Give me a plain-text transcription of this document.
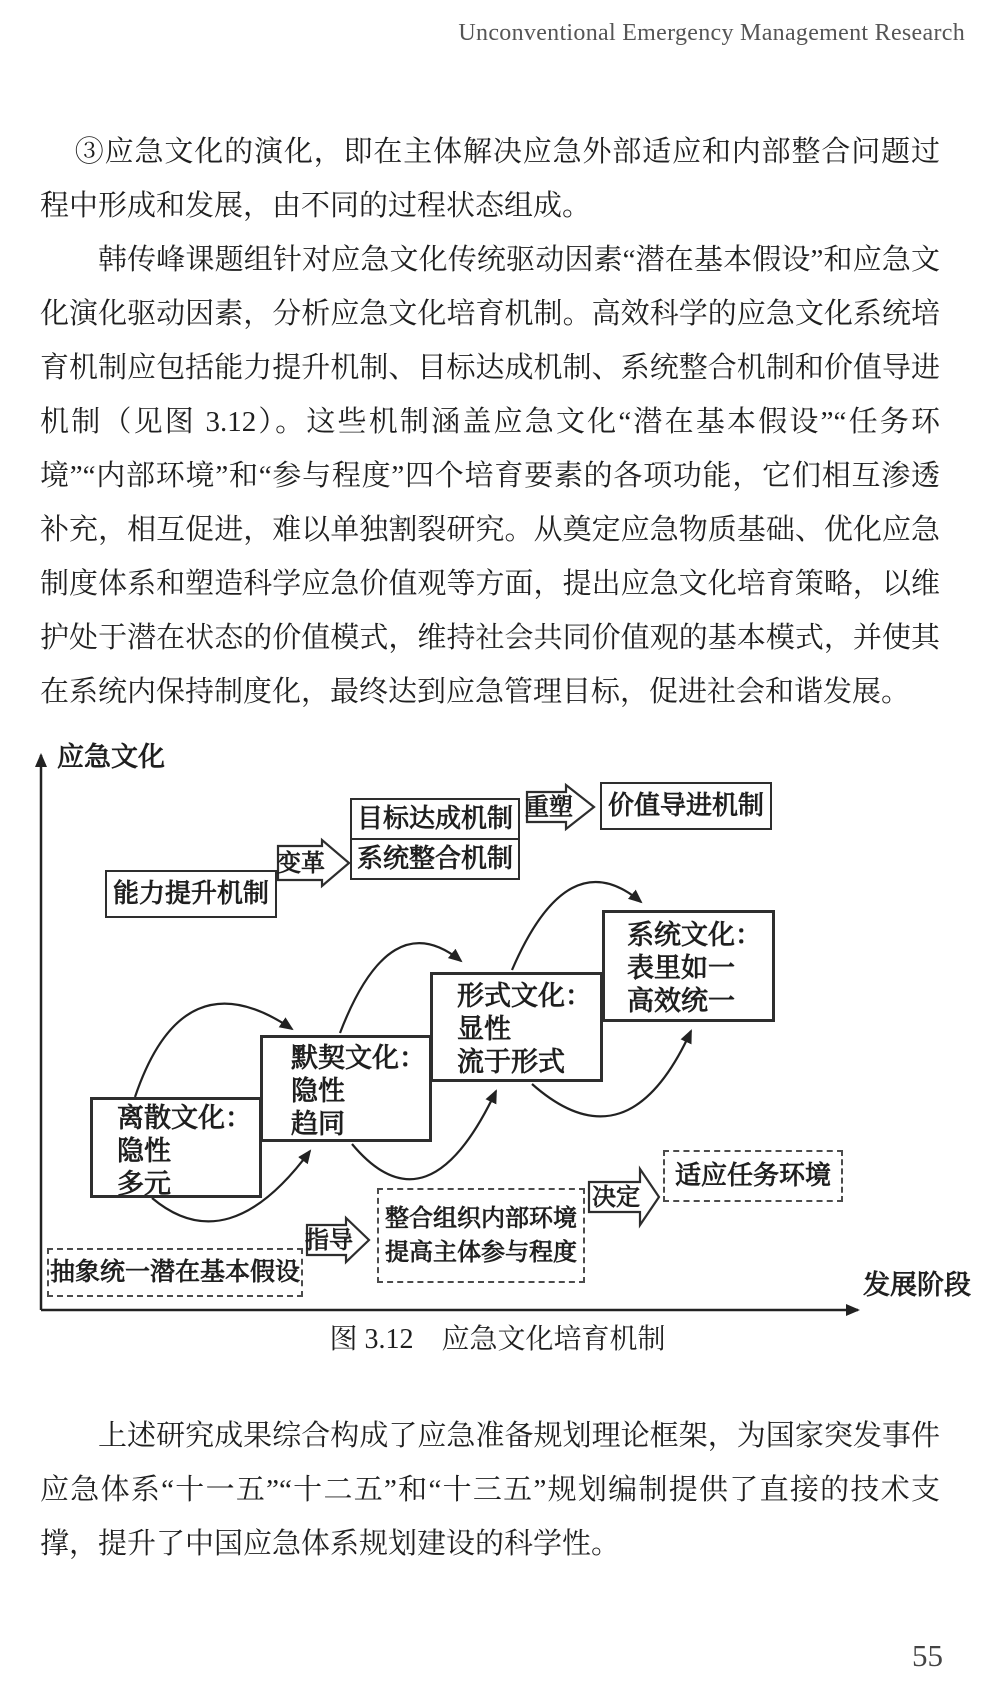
Unconventional Emergency Management Research

③应急文化的演化，即在主体解决应急外部适应和内部整合问题过程中形成和发展，由不同的过程状态组成。

韩传峰课题组针对应急文化传统驱动因素“潜在基本假设”和应急文化演化驱动因素，分析应急文化培育机制。高效科学的应急文化系统培育机制应包括能力提升机制、目标达成机制、系统整合机制和价值导进机制（见图 3.12）。这些机制涵盖应急文化“潜在基本假设”“任务环境”“内部环境”和“参与程度”四个培育要素的各项功能，它们相互渗透补充，相互促进，难以单独割裂研究。从奠定应急物质基础、优化应急制度体系和塑造科学应急价值观等方面，提出应急文化培育策略，以维护处于潜在状态的价值模式，维持社会共同价值观的基本模式，并使其在系统内保持制度化，最终达到应急管理目标，促进社会和谐发展。

变革
重塑
指导
决定
应急文化
发展阶段
能力提升机制
目标达成机制
系统整合机制
价值导进机制
系统文化：
表里如一
高效统一
形式文化：
显性
流于形式
默契文化：
隐性
趋同
离散文化：
隐性
多元
抽象统一潜在基本假设
整合组织内部环境
提高主体参与程度
适应任务环境
图 3.12　应急文化培育机制

上述研究成果综合构成了应急准备规划理论框架，为国家突发事件应急体系“十一五”“十二五”和“十三五”规划编制提供了直接的技术支撑，提升了中国应急体系规划建设的科学性。

55
